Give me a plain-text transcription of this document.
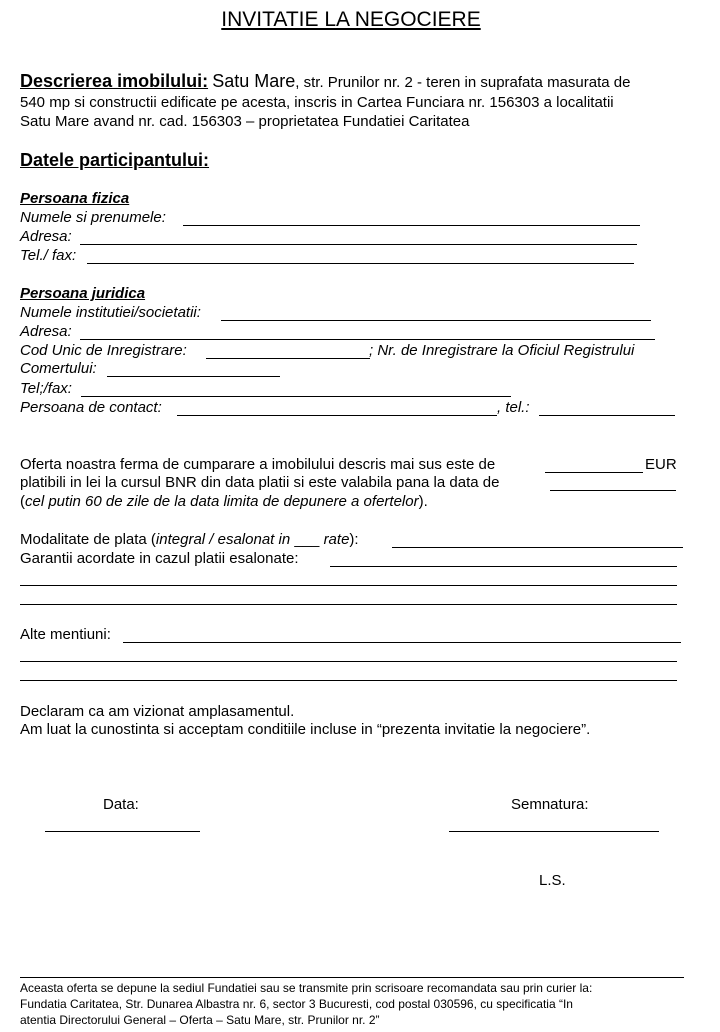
INVITATIE LA NEGOCIERE
Descrierea imobilului: Satu Mare, str. Prunilor nr. 2 - teren in suprafata masurata de
540 mp si constructii edificate pe acesta, inscris in Cartea Funciara nr. 156303 a localitatii
Satu Mare avand nr. cad. 156303 – proprietatea Fundatiei Caritatea
Datele participantului:
Persoana fizica
Numele si prenumele:
Adresa:
Tel./ fax:
Persoana juridica
Numele institutiei/societatii:
Adresa:
Cod Unic de Inregistrare:	; Nr. de Inregistrare la Oficiul Registrului
Comertului:
Tel;/fax:
Persoana de contact:	, tel.:
Oferta noastra ferma de cumparare a imobilului descris mai sus este de	EUR
platibili in lei la cursul BNR din data platii si este valabila pana la data de
(cel putin 60 de zile de la data limita de depunere a ofertelor).
Modalitate de plata (integral / esalonat in ___ rate):
Garantii acordate in cazul platii esalonate:
Alte mentiuni:
Declaram ca am vizionat amplasamentul.
Am luat la cunostinta si acceptam conditiile incluse in “prezenta invitatie la negociere”.
Data:	Semnatura:
L.S.
Aceasta oferta se depune la sediul Fundatiei sau se transmite prin scrisoare recomandata sau prin curier la:
Fundatia Caritatea, Str. Dunarea Albastra nr. 6, sector 3 Bucuresti, cod postal 030596, cu specificatia “In
atentia Directorului General – Oferta – Satu Mare, str. Prunilor nr. 2”
